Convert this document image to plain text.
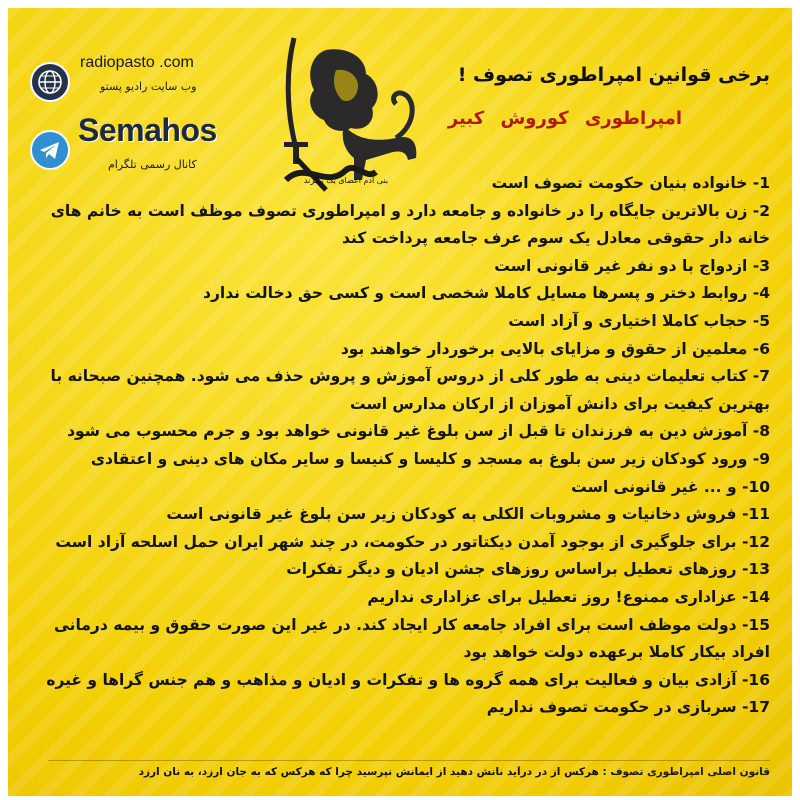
radiopasto .com
وب سایت رادیو پستو
Semahos
کانال رسمی تلگرام
بنی آدم اعضای یک پیکرند
برخی قوانین امپراطوری تصوف !
امپراطوری کوروش کبیر
1- خانواده بنیان حکومت تصوف است
2- زن بالاترین جایگاه را در خانواده و جامعه دارد و امپراطوری تصوف موظف است به خانم های خانه دار حقوقی معادل یک سوم عرف جامعه پرداخت کند
3- ازدواج با دو نفر غیر قانونی است
4- روابط دختر و پسرها مسایل کاملا شخصی است و کسی حق دخالت ندارد
5- حجاب کاملا اختیاری و آزاد است
6- معلمین از حقوق و مزایای بالایی برخوردار خواهند بود
7- کتاب تعلیمات دینی به طور کلی از دروس آموزش و پروش حذف می شود. همچنین صبحانه با بهترین کیفیت برای دانش آموزان از ارکان مدارس است
8- آموزش دین به فرزندان تا قبل از سن بلوغ غیر قانونی خواهد بود و جرم محسوب می شود
9- ورود کودکان زیر سن بلوغ به مسجد و کلیسا و کنیسا و سایر مکان های دینی و اعتقادی
10- و ... غیر قانونی است
11- فروش دخانیات و مشروبات الکلی به کودکان زیر سن بلوغ غیر قانونی است
12- برای جلوگیری از بوجود آمدن دیکتاتور در حکومت، در چند شهر ایران حمل اسلحه آزاد است
13- روزهای تعطیل براساس روزهای جشن ادیان و دیگر تفکرات
14- عزاداری ممنوع! روز تعطیل برای عزاداری نداریم
15- دولت موظف است برای افراد جامعه کار ایجاد کند. در غیر این صورت حقوق و بیمه درمانی افراد بیکار کاملا برعهده دولت خواهد بود
16- آزادی بیان و فعالیت برای همه گروه ها و تفکرات و ادیان و مذاهب و هم جنس گراها و غیره
17- سربازی در حکومت تصوف نداریم
قانون اصلی امپراطوری تصوف : هرکس از در درآید نانش دهید از ایمانش نپرسید چرا که هرکس که به جان ارزد، به نان ارزد
